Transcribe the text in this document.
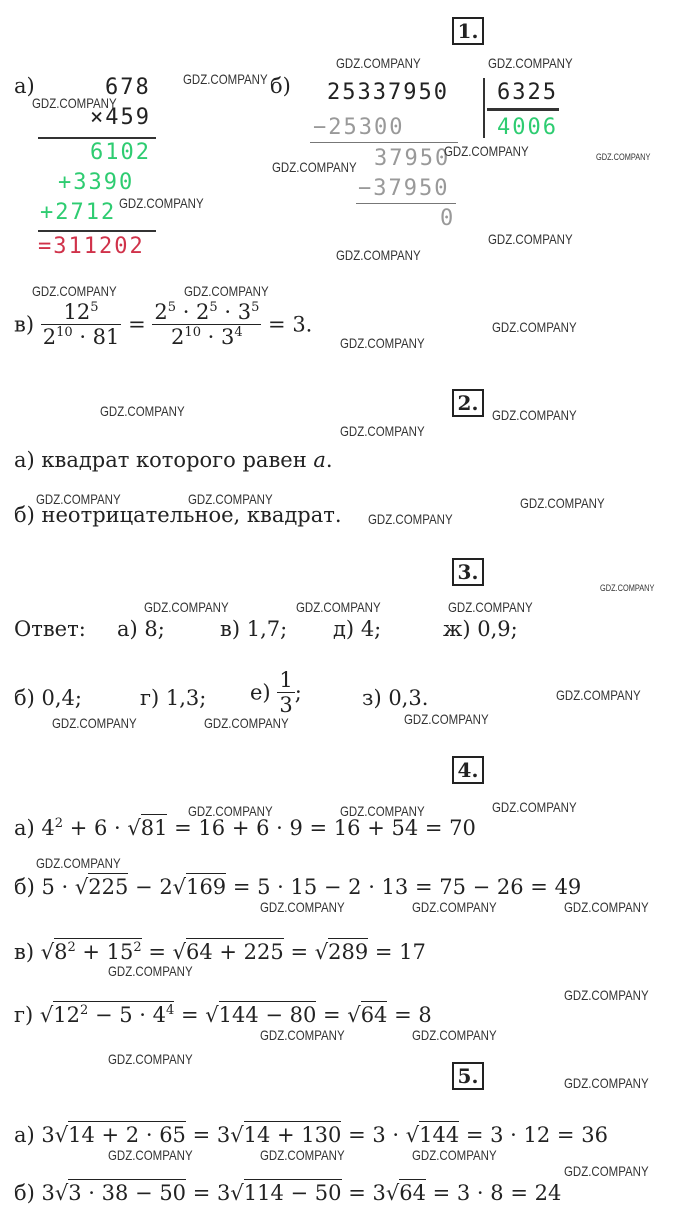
1.
2.
3.
4.
5.
а)	678
×459
6102
+3390
+2712
=311202
б) 25337950 6325
4006
−25300
37950
−37950
0
$в) \frac{12^5}{2^{10} \cdot 81} = \frac{2^5 \cdot 2^5 \cdot 3^5}{2^{10} \cdot 3^4} = 3$.
а) квадрат которого равен a.
б) неотрицательное, квадрат.
Ответ: а) 8;	в) 1,7; д) 4;	ж) 0,9;
б) 0,4;	г) 1,3; $е) \frac{1}{3}$ ;	з) 0,3.
а) $4^2 + 6 \cdot √81 = 16 + 6 \cdot 9 = 16 + 54 = 70$
б) 5 · √225 − 2√169 = 5 · 15 − 2 · 13 = 75 − 26 = 49
в) $√8^2 + 15^2 = √64 + 225 = √289 = 17$
г) $√12^2 - 5 \cdot 4^4 = √144 - 80 = √64 = 8$
а) 3√14 + 2 · 65 = 3√14 + 130 = 3 · √144 = 3 · 12 = 36
б) 3√3 · 38 − 50 = 3√114 − 50 = 3√64 = 3 · 8 = 24
GDZ.COMPANY
GDZ.COMPANY
GDZ.COMPANY	GDZ.COMPANY
GDZ.COMPANY	GDZ.COMPANY
GDZ.COMPANY
GDZ.COMPANY
GDZ.COMPANY
GDZ.COMPANY
GDZ.COMPANY	GDZ.COMPANY
GDZ.COMPANY
GDZ.COMPANY
GDZ.COMPANY	GDZ.COMPANY
GDZ.COMPANY
GDZ.COMPANY	GDZ.COMPANY	GDZ.COMPANY
GDZ.COMPANY
GDZ.COMPANY
GDZ.COMPANY	GDZ.COMPANY	GDZ.COMPANY
GDZ.COMPANY
GDZ.COMPANY
GDZ.COMPANY	GDZ.COMPANY
GDZ.COMPANY
GDZ.COMPANY	GDZ.COMPANY
GDZ.COMPANY
GDZ.COMPANY	GDZ.COMPANY	GDZ.COMPANY
GDZ.COMPANY
GDZ.COMPANY
GDZ.COMPANY	GDZ.COMPANY
GDZ.COMPANY
GDZ.COMPANY
GDZ.COMPANY	GDZ.COMPANY	GDZ.COMPANY
GDZ.COMPANY
